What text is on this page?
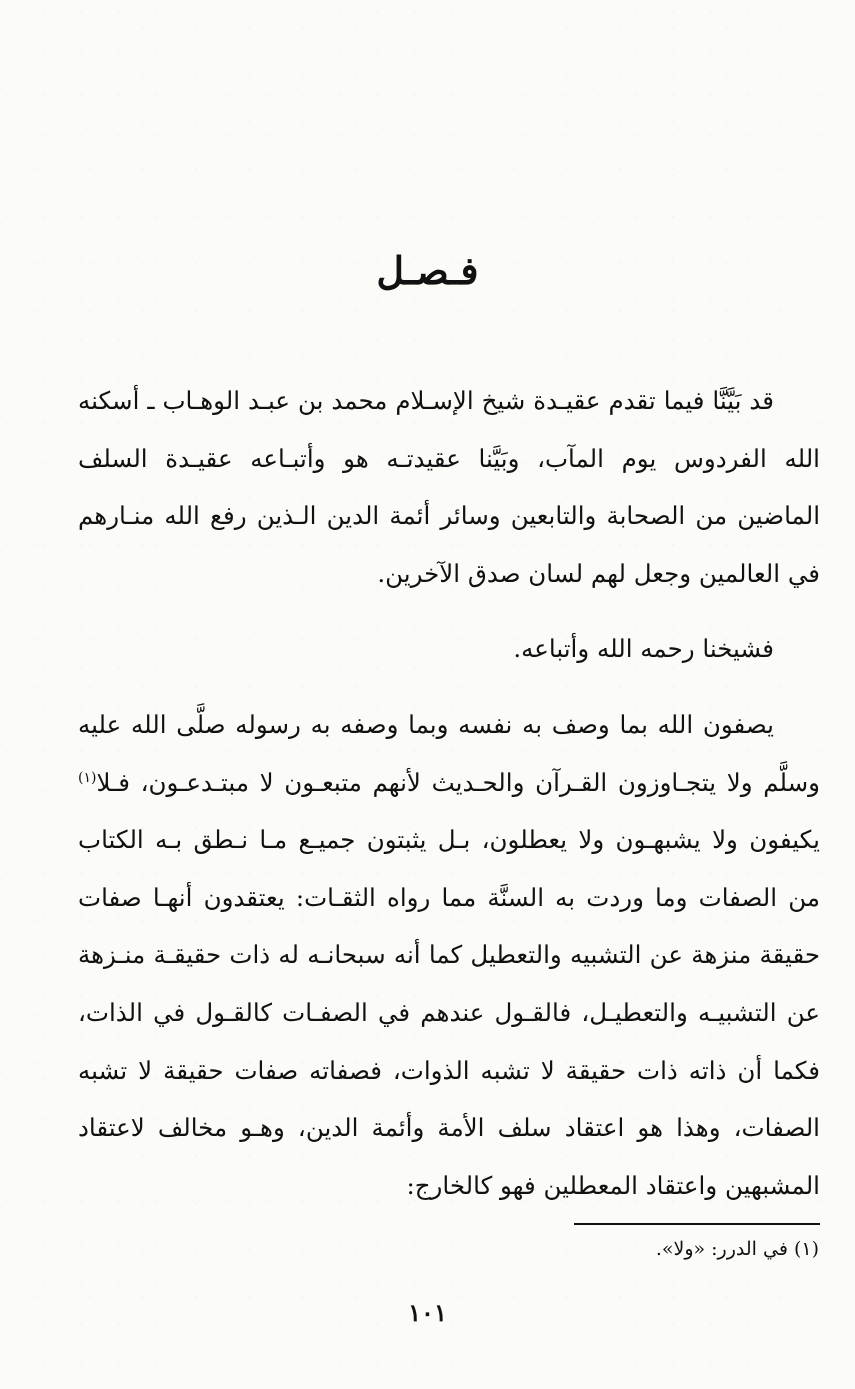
فـصـل

قد بَيَّنَّا فيما تقدم عقيـدة شيخ الإسـلام محمد بن عبـد الوهـاب ـ أسكنه الله الفردوس يوم المآب، وبَيَّنا عقيدتـه هو وأتبـاعه عقيـدة السلف الماضين من الصحابة والتابعين وسائر أئمة الدين الـذين رفع الله منـارهم في العالمين وجعل لهم لسان صدق الآخرين.

فشيخنا رحمه الله وأتباعه.

يصفون الله بما وصف به نفسه وبما وصفه به رسوله صلَّى الله عليه وسلَّم ولا يتجـاوزون القـرآن والحـديث لأنهم متبعـون لا مبتـدعـون، فـلا$^{(١)}$ يكيفون ولا يشبهـون ولا يعطلون، بـل يثبتون جميـع مـا نـطق بـه الكتاب من الصفات وما وردت به السنَّة مما رواه الثقـات: يعتقدون أنهـا صفات حقيقة منزهة عن التشبيه والتعطيل كما أنه سبحانـه له ذات حقيقـة منـزهة عن التشبيـه والتعطيـل، فالقـول عندهم في الصفـات كالقـول في الذات، فكما أن ذاته ذات حقيقة لا تشبه الذوات، فصفاته صفات حقيقة لا تشبه الصفات، وهذا هو اعتقاد سلف الأمة وأئمة الدين، وهـو مخالف لاعتقاد المشبهين واعتقاد المعطلين فهو كالخارج:

(١) في الدرر: «ولا».
١٠١
